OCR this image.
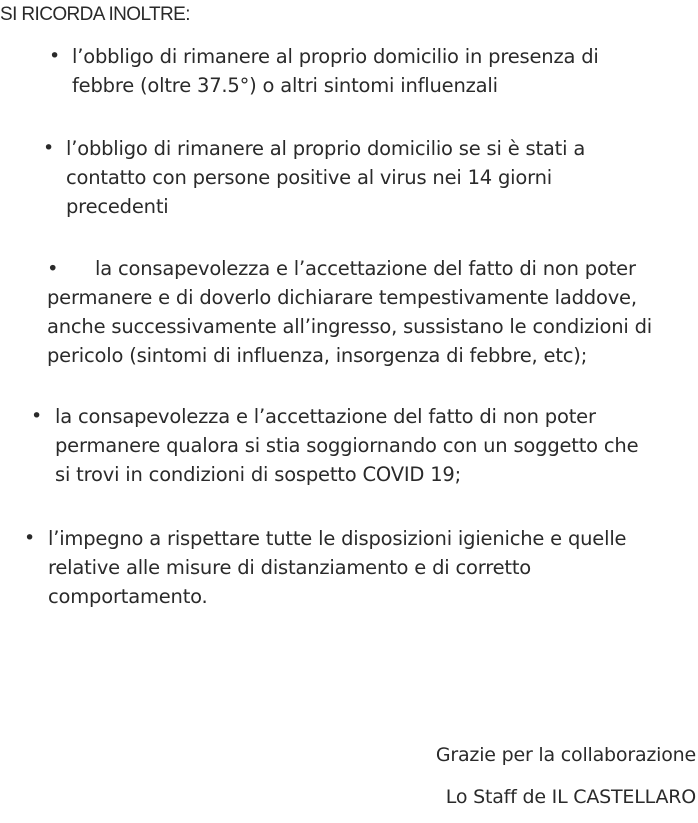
SI RICORDA INOLTRE:
• l’obbligo di rimanere al proprio domicilio in presenza di
febbre (oltre 37.5°) o altri sintomi influenzali
• l’obbligo di rimanere al proprio domicilio se si è stati a
contatto con persone positive al virus nei 14 giorni
precedenti
• la consapevolezza e l’accettazione del fatto di non poter
permanere e di doverlo dichiarare tempestivamente laddove,
anche successivamente all’ingresso, sussistano le condizioni di
pericolo (sintomi di influenza, insorgenza di febbre, etc);
• la consapevolezza e l’accettazione del fatto di non poter
permanere qualora si stia soggiornando con un soggetto che
si trovi in condizioni di sospetto COVID 19;
• l’impegno a rispettare tutte le disposizioni igieniche e quelle
relative alle misure di distanziamento e di corretto
comportamento.
Grazie per la collaborazione
Lo Staff de IL CASTELLARO
